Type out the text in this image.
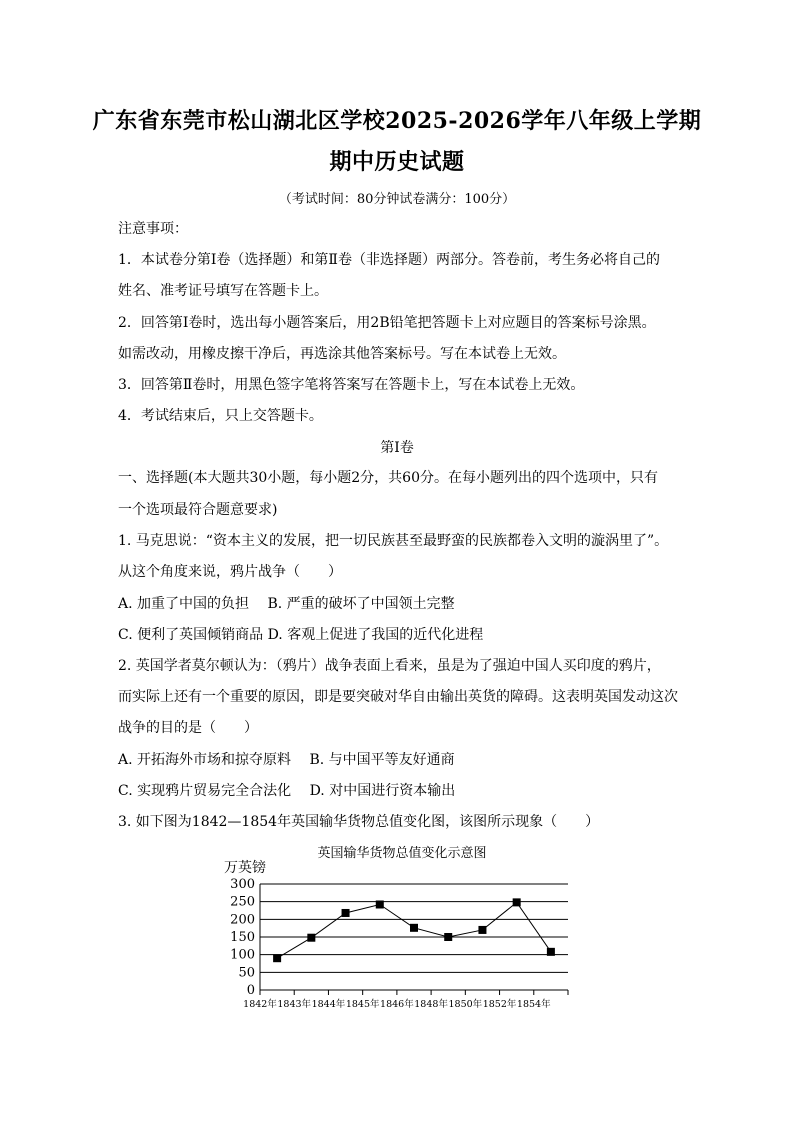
广东省东莞市松山湖北区学校2025-2026学年八年级上学期
期中历史试题
（考试时间：80分钟试卷满分：100分）
注意事项：
1．本试卷分第Ⅰ卷（选择题）和第Ⅱ卷（非选择题）两部分。答卷前，考生务必将自己的
姓名、准考证号填写在答题卡上。
2．回答第Ⅰ卷时，选出每小题答案后，用2B铅笔把答题卡上对应题目的答案标号涂黑。
如需改动，用橡皮擦干净后，再选涂其他答案标号。写在本试卷上无效。
3．回答第Ⅱ卷时，用黑色签字笔将答案写在答题卡上，写在本试卷上无效。
4．考试结束后，只上交答题卡。
第Ⅰ卷
一、选择题(本大题共30小题，每小题2分，共60分。在每小题列出的四个选项中，只有
一个选项最符合题意要求)
1. 马克思说：“资本主义的发展，把一切民族甚至最野蛮的民族都卷入文明的漩涡里了”。
从这个角度来说，鸦片战争（　　）
A. 加重了中国的负担　 B. 严重的破坏了中国领土完整
C. 便利了英国倾销商品 D. 客观上促进了我国的近代化进程
2. 英国学者莫尔顿认为：（鸦片）战争表面上看来，虽是为了强迫中国人买印度的鸦片，
而实际上还有一个重要的原因，即是要突破对华自由输出英货的障碍。这表明英国发动这次
战争的目的是（　　）
A. 开拓海外市场和掠夺原料　 B. 与中国平等友好通商
C. 实现鸦片贸易完全合法化　 D. 对中国进行资本输出
3. 如下图为1842—1854年英国输华货物总值变化图，该图所示现象（　　）
英国输华货物总值变化示意图
万英镑
0
50
100
150
200
250
300
1842年 1843年 1844年 1845年 1846年 1848年 1850年 1852年 1854年
